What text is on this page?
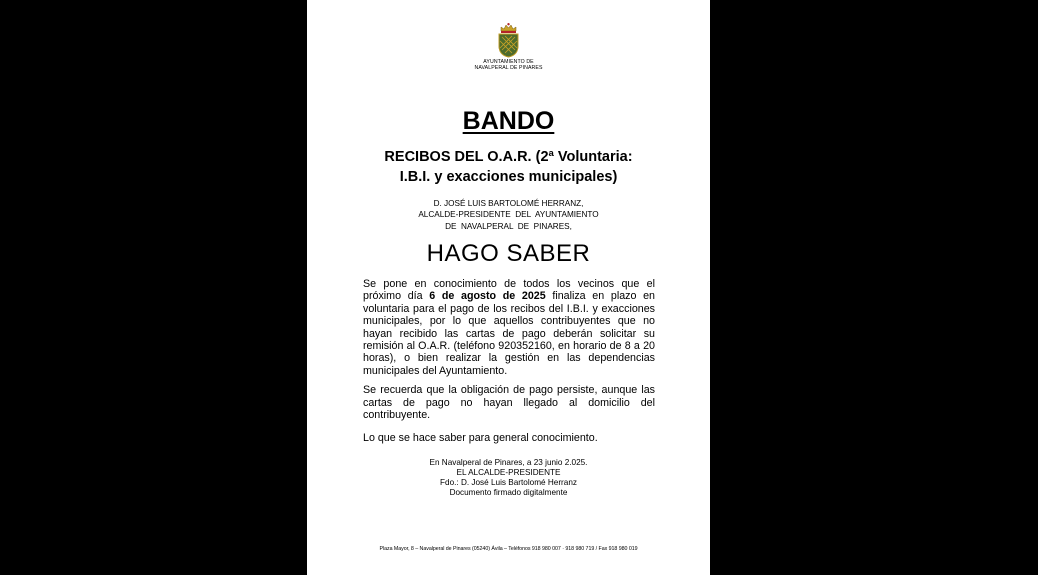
AYUNTAMIENTO DE
NAVALPERAL DE PINARES
BANDO
RECIBOS DEL O.A.R. (2ª Voluntaria:
I.B.I. y exacciones municipales)
D. JOSÉ LUIS BARTOLOMÉ HERRANZ,
ALCALDE-PRESIDENTE  DEL  AYUNTAMIENTO
DE  NAVALPERAL  DE  PINARES,
HAGO SABER

Se pone en conocimiento de todos los vecinos que el próximo día 6 de agosto de 2025 finaliza en plazo en voluntaria para el pago de los recibos del I.B.I. y exacciones municipales, por lo que aquellos contribuyentes que no hayan recibido las cartas de pago deberán solicitar su remisión al O.A.R. (teléfono 920352160, en horario de 8 a 20 horas), o bien realizar la gestión en las dependencias municipales del Ayuntamiento.

Se recuerda que la obligación de pago persiste, aunque las cartas de pago no hayan llegado al domicilio del contribuyente.

Lo que se hace saber para general conocimiento.

En Navalperal de Pinares, a 23 junio 2.025.
EL ALCALDE-PRESIDENTE
Fdo.: D. José Luis Bartolomé Herranz
Documento firmado digitalmente
Plaza Mayor, 8 – Navalperal de Pinares (05240) Ávila – Teléfonos 918 980 007 · 918 980 719 / Fax 918 980 019
